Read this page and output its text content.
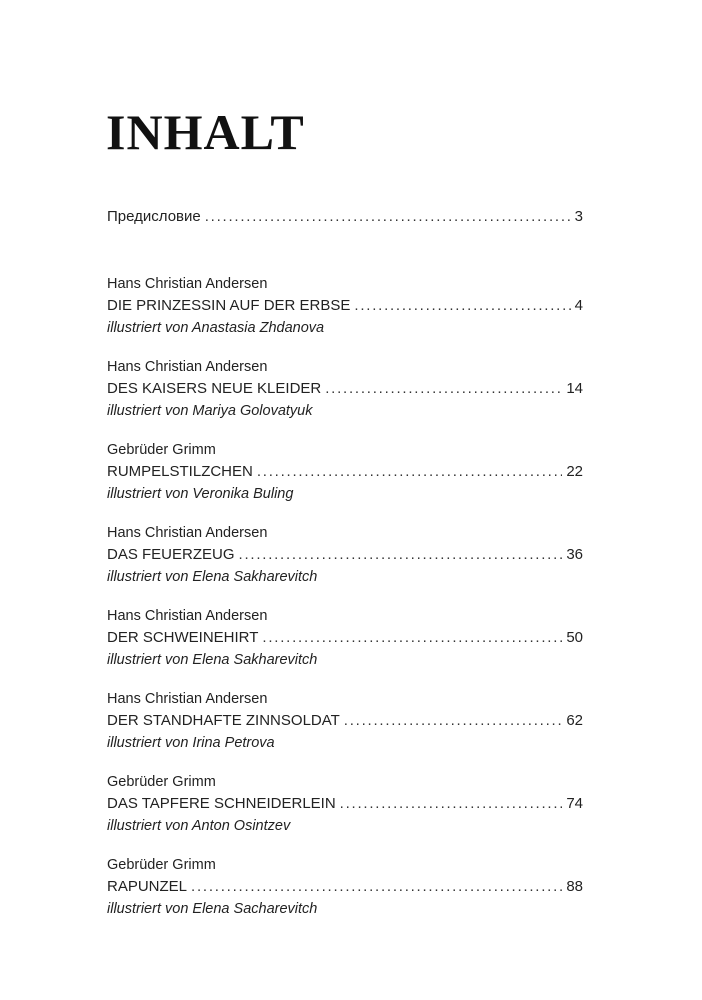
INHALT
Предисловие . . .	3
Hans Christian Andersen
DIE PRINZESSIN AUF DER ERBSE . . .	4
illustriert von Anastasia Zhdanova
Hans Christian Andersen
DES KAISERS NEUE KLEIDER . . .	14
illustriert von Mariya Golovatyuk
Gebrüder Grimm
RUMPELSTILZCHEN . . .	22
illustriert von Veronika Buling
Hans Christian Andersen
DAS FEUERZEUG . . .	36
illustriert von Elena Sakharevitch
Hans Christian Andersen
DER SCHWEINEHIRT . . .	50
illustriert von Elena Sakharevitch
Hans Christian Andersen
DER STANDHAFTE ZINNSOLDAT . . .	62
illustriert von Irina Petrova
Gebrüder Grimm
DAS TAPFERE SCHNEIDERLEIN . . .	74
illustriert von Anton Osintzev
Gebrüder Grimm
RAPUNZEL . . .	88
illustriert von Elena Sacharevitch
